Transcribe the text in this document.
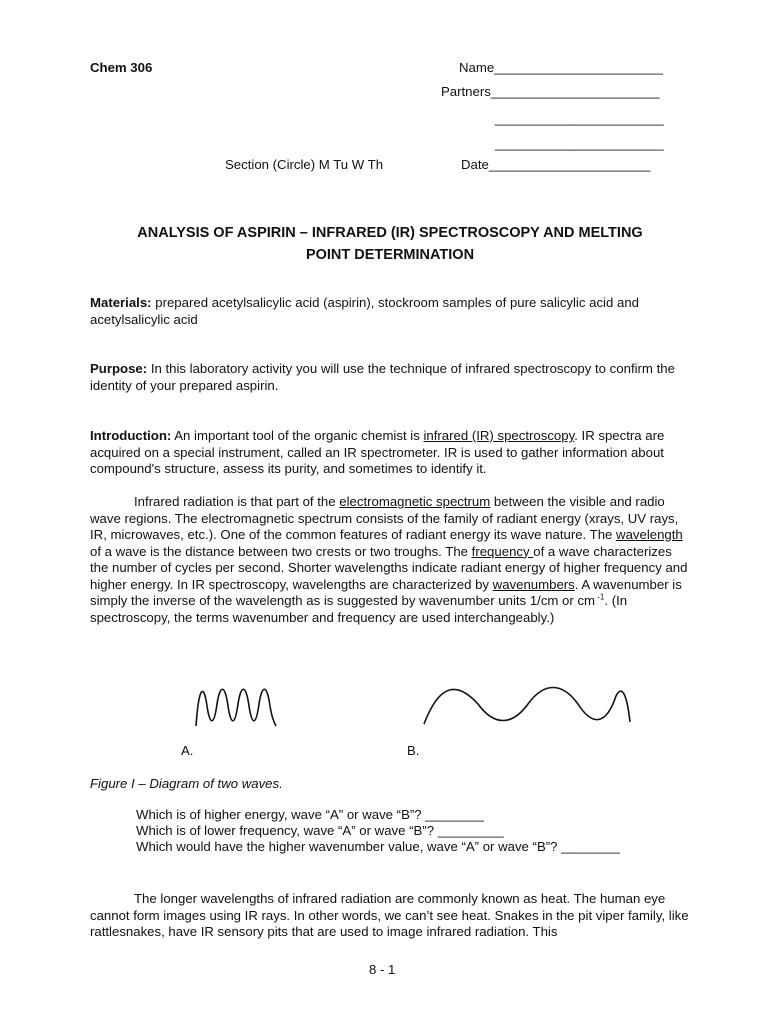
Chem 306	Name_______________________
Partners_______________________
_______________________
_______________________
Section (Circle) M Tu W Th	Date______________________
ANALYSIS OF ASPIRIN – INFRARED (IR) SPECTROSCOPY AND MELTING
POINT DETERMINATION
Materials: prepared acetylsalicylic acid (aspirin), stockroom samples of pure salicylic acid and acetylsalicylic acid
Purpose: In this laboratory activity you will use the technique of infrared spectroscopy to confirm the identity of your prepared aspirin.
Introduction: An important tool of the organic chemist is infrared (IR) spectroscopy. IR spectra are acquired on a special instrument, called an IR spectrometer. IR is used to gather information about compound's structure, assess its purity, and sometimes to identify it.
Infrared radiation is that part of the electromagnetic spectrum between the visible and radio wave regions. The electromagnetic spectrum consists of the family of radiant energy (xrays, UV rays, IR, microwaves, etc.). One of the common features of radiant energy its wave nature. The wavelength of a wave is the distance between two crests or two troughs. The frequency of a wave characterizes the number of cycles per second. Shorter wavelengths indicate radiant energy of higher frequency and higher energy. In IR spectroscopy, wavelengths are characterized by wavenumbers. A wavenumber is simply the inverse of the wavelength as is suggested by wavenumber units 1/cm or cm $^{-1}$. (In spectroscopy, the terms wavenumber and frequency are used interchangeably.)
A.	B.
Figure I – Diagram of two waves.
Which is of higher energy, wave “A” or wave “B”? ________
Which is of lower frequency, wave “A” or wave “B”? _________
Which would have the higher wavenumber value, wave “A” or wave “B”? ________
The longer wavelengths of infrared radiation are commonly known as heat. The human eye cannot form images using IR rays. In other words, we can’t see heat. Snakes in the pit viper family, like rattlesnakes, have IR sensory pits that are used to image infrared radiation. This
8 - 1
